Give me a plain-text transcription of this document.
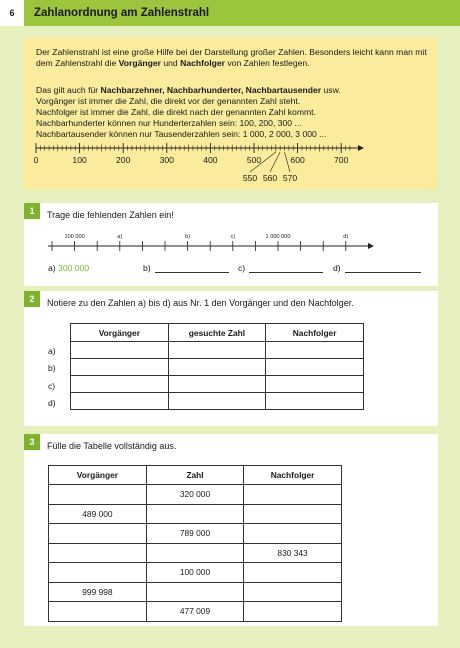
6	Zahlanordnung am Zahlenstrahl

Der Zahlenstrahl ist eine große Hilfe bei der Darstellung großer Zahlen. Besonders leicht kann man mit dem Zahlenstrahl die Vorgänger und Nachfolger von Zahlen festlegen.

Das gilt auch für Nachbarzehner, Nachbarhunderter, Nachbartausender usw.

Vorgänger ist immer die Zahl, die direkt vor der genannten Zahl steht.

Nachfolger ist immer die Zahl, die direkt nach der genannten Zahl kommt.

Nachbarhunderter können nur Hunderterzahlen sein: 100, 200, 300 ...

Nachbartausender können nur Tausenderzahlen sein: 1 000, 2 000, 3 000 ...

0	100	200	300	400	500	600	700
550 560 570
1	Trage die fehlenden Zahlen ein!

100 000	a)	b)	c)	1 000 000	d)
a) 300 000	b)	c)	d)
2	Notiere zu den Zahlen a) bis d) aus Nr. 1 den Vorgänger und den Nachfolger.

a)
b)
c)
d)
Vorgänger	gesuchte Zahl	Nachfolger

3	Fülle die Tabelle vollständig aus.

Vorgänger	Zahl	Nachfolger
	320 000	
489 000		
	789 000	
		830 343
	100 000	
999 998		
	477 009	
